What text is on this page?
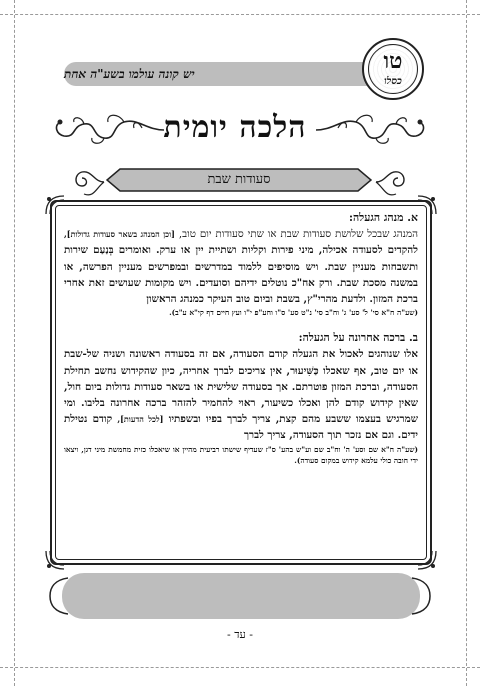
יש קונה עולמו בשע"ה אחת	טו
כסלו
הלכה יומית
סעודות שבת
א. מנהג הגעלה:

המנהג שבכל שלושת סעודות שבת או שתי סעודות יום טוב, [וכן המנהג בשאר סעודות גדולות], להקדים לסעודה אכילה, מיני פירות וקליות ושתיית יין או ערק. ואומרים בְּנַעַם שירות ותשבחות מעניין שבת. ויש מוסיפים ללמוד במדרשים ובמפרשים מעניין הפרשה, או במשנה מסכת שבת. ורק אח"כ נוטלים ידיהם וסועדים. ויש מקומות שעושים זאת אחרי ברכת המזון. ולדעת מהרי"ץ, בשבת וביום טוב העיקר כמנהג הראשון
(שע"ה ח"א סי' ל' סע' ג' וח"ב סי' נ"ט סע' ס"ו וחע"פ י"ו ועץ חיים דף קי"א ע"ב).

ב. ברכה אחרונה על הגעלה:

אלו שנוהגים לאכול את הגעלה קודם הסעודה, אם זה בסעודה ראשונה ושניה של-שבת או יום טוב, אף שאכלו כַּשִּׁיעוּר, אין צריכים לברך אחריה, כיון שהקידוש נחשב תחילת הסעודה, וברכת המזון פוטרתם. אך בסעודה שלישית או בשאר סעודות גדולות ביום חול, שאין קידוש קודם להן ואכלו כשיעור, ראוי להחמיר להזהר ברכה אחרונה בליבו. ומי שמרגיש בעצמו ששבע מהם קצת, צריך לברך בפיו ובשפתיו [לכל הדעות], קודם נטילת ידים. וגם אם נזכר תוך הסעודה, צריך לברך
(שע"ה ח"א שם וסע' ה' וח"ב שם וע"ש בהע' ס"ז שעדיף שישתו רביעית מהיין או שיאכלו כזית מחמשת מיני דגן, ויצאו ידי חובה כולי עלמא קידוש במקום סעודה).

- עד -
